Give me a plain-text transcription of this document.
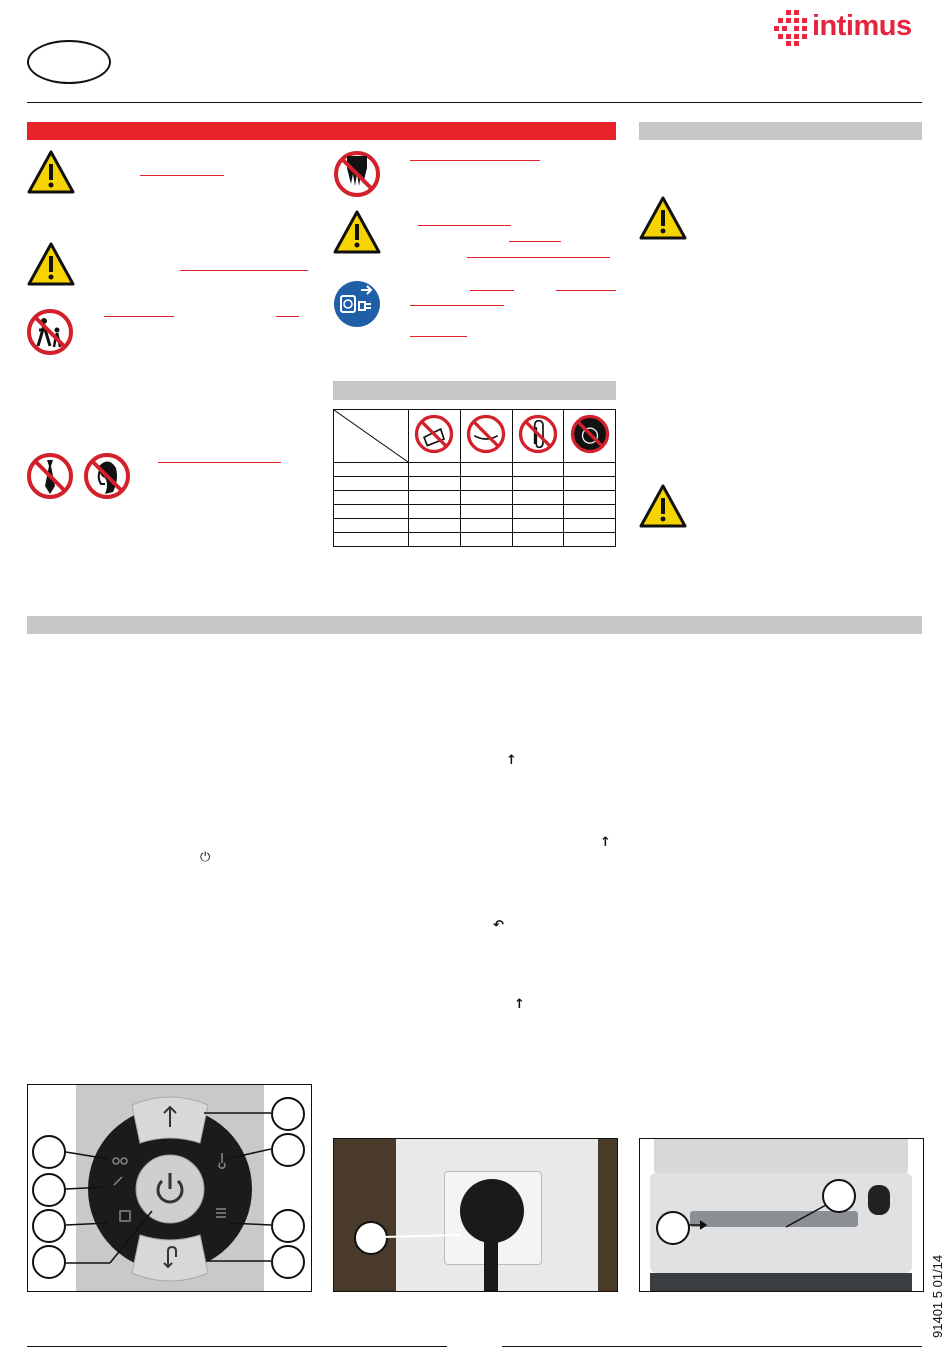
intimus

↑
↑
⏻
↶
↑
91401 5 01/14
